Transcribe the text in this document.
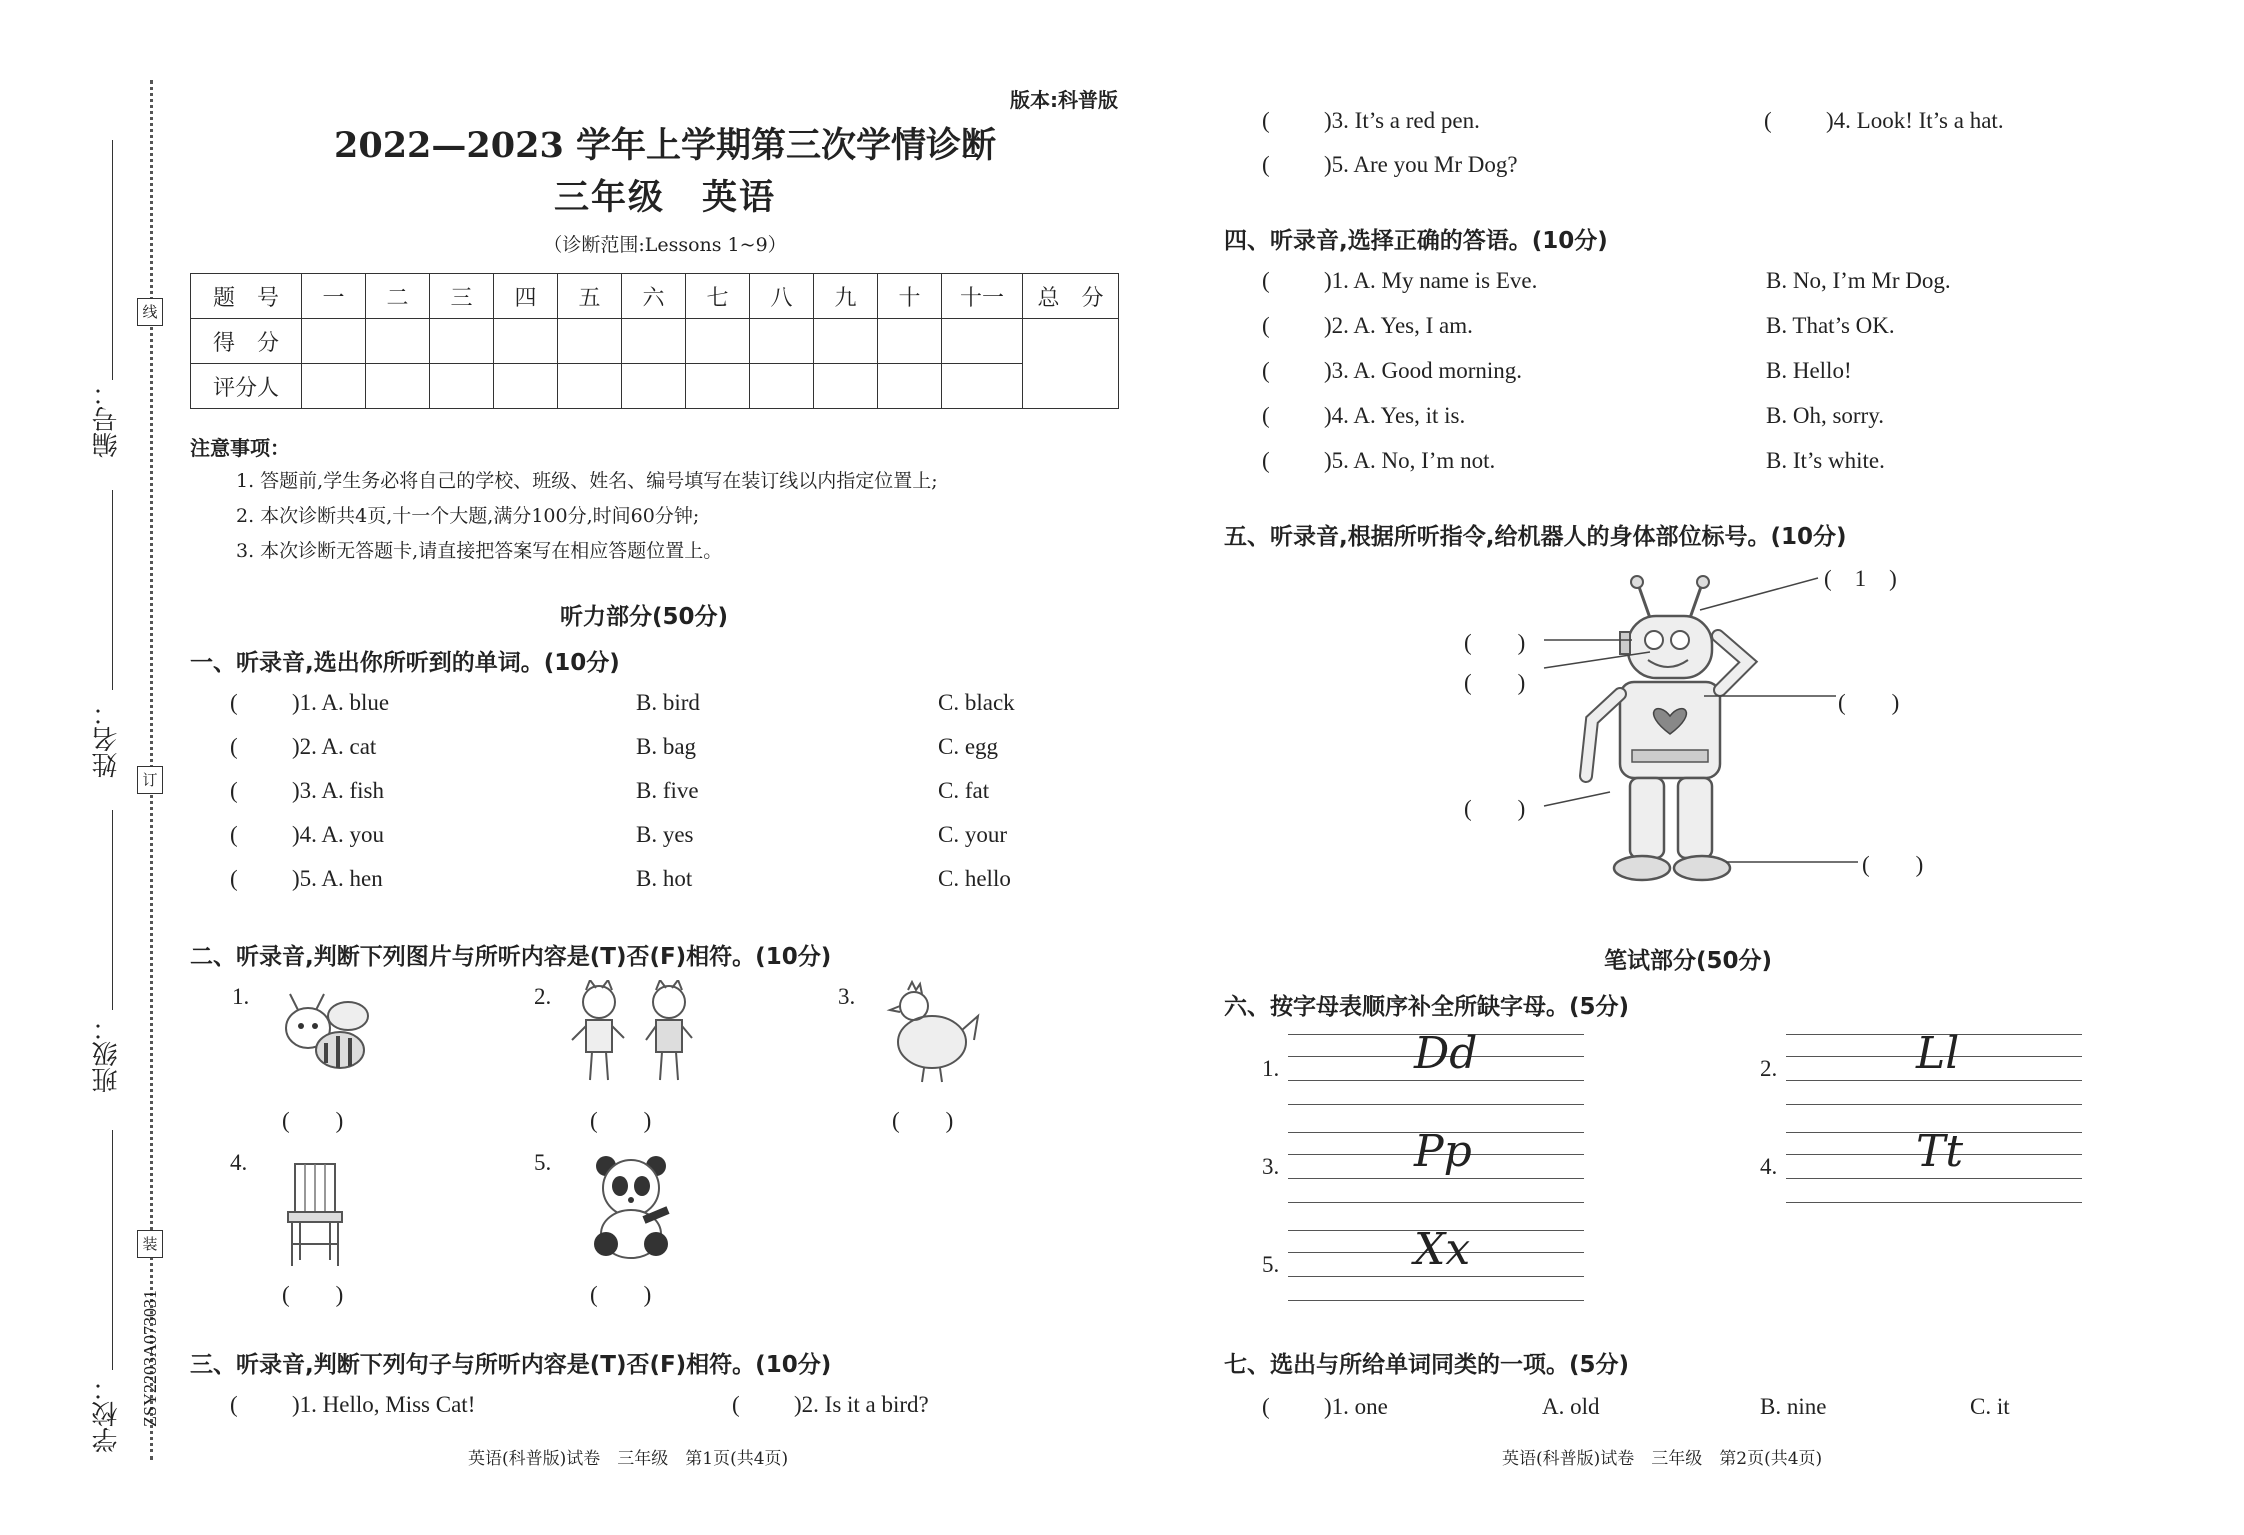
线
订
装
编号：
姓名：
班级：
学校： ZSY2203A073031
版本:科普版
2022—2023 学年上学期第三次学情诊断
三年级　英语
（诊断范围:Lessons 1~9）
题　号	一	二	三	四	五	六	七	八	九	十	十一	总　分
得　分												
评分人												
注意事项：
1. 答题前,学生务必将自己的学校、班级、姓名、编号填写在装订线以内指定位置上;
2. 本次诊断共4页,十一个大题,满分100分,时间60分钟;
3. 本次诊断无答题卡,请直接把答案写在相应答题位置上。
听力部分(50分)
一、听录音,选出你所听到的单词。(10分)
( )1. A. blue	B. bird	C. black
( )2. A. cat	B. bag	C. egg
( )3. A. fish	B. five	C. fat
( )4. A. you	B. yes	C. your
( )5. A. hen	B. hot	C. hello
二、听录音,判断下列图片与所听内容是(T)否(F)相符。(10分)
1.
(　　)
2.
(　　)
3.
(　　)
4.
(　　)
5.
(　　)
三、听录音,判断下列句子与所听内容是(T)否(F)相符。(10分)
( )1. Hello, Miss Cat!	( )2. Is it a bird?
英语(科普版)试卷　三年级　第1页(共4页)
( )3. It’s a red pen.	( )4. Look! It’s a hat.
( )5. Are you Mr Dog?
四、听录音,选择正确的答语。(10分)
( )1. A. My name is Eve.	B. No, I’m Mr Dog.
( )2. A. Yes, I am.	B. That’s OK.
( )3. A. Good morning.	B. Hello!
( )4. A. Yes, it is.	B. Oh, sorry.
( )5. A. No, I’m not.	B. It’s white.
五、听录音,根据所听指令,给机器人的身体部位标号。(10分)
(　1　)
(　　)
(　　)
(　　)
(　　)
(　　)
笔试部分(50分)
六、按字母表顺序补全所缺字母。(5分)
1.	Dd	2.	Ll
3.	Pp	4.	Tt
5.	Xx
七、选出与所给单词同类的一项。(5分)
( )1. one	A. old	B. nine	C. it
英语(科普版)试卷　三年级　第2页(共4页)
